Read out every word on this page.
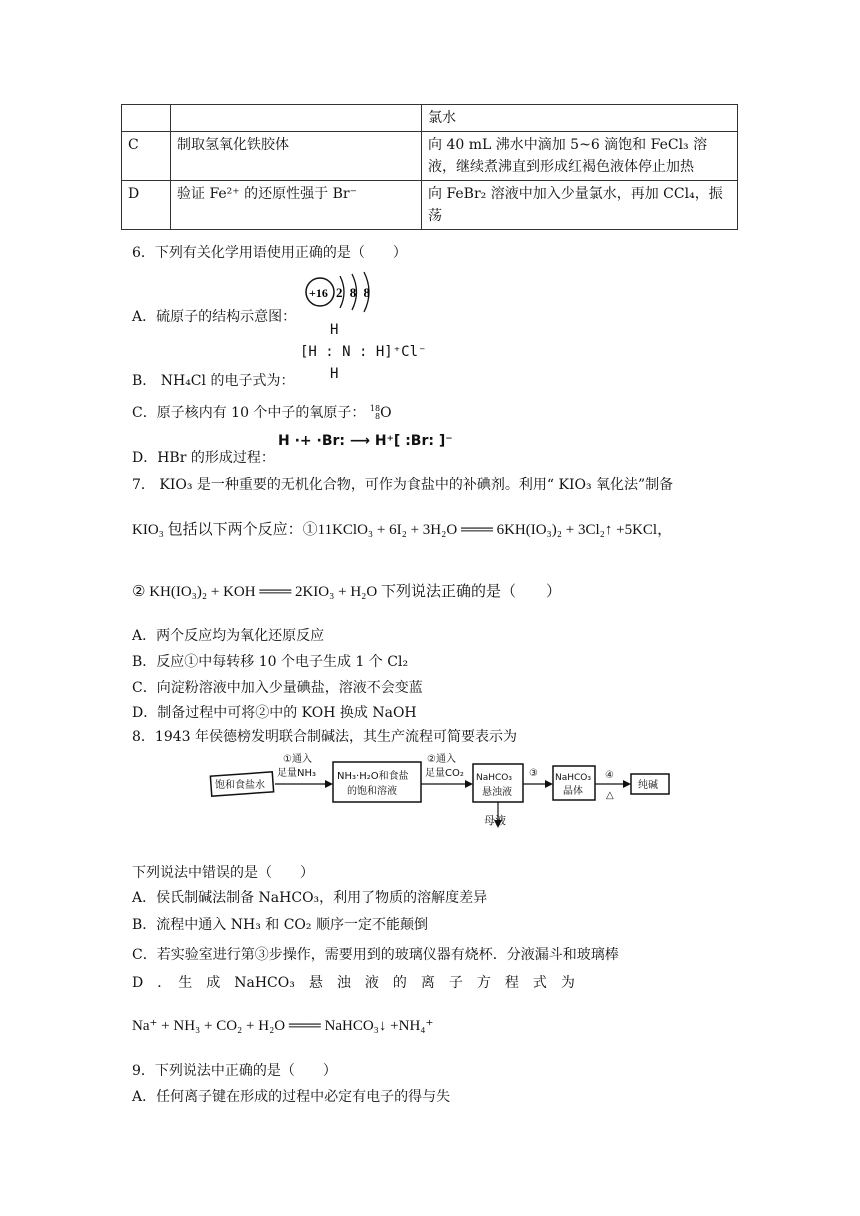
		氯水
C	制取氢氧化铁胶体	向 40 mL 沸水中滴加 5~6 滴饱和 FeCl₃ 溶液，继续煮沸直到形成红褐色液体停止加热
D	验证 Fe²⁺ 的还原性强于 Br⁻	向 FeBr₂ 溶液中加入少量氯水，再加 CCl₄，振荡
6．下列有关化学用语使用正确的是（　　）
A．硫原子的结构示意图：
+16 2 8 8
B． NH₄Cl 的电子式为：
H
[H : N : H]⁺Cl⁻
H
C．原子核内有 10 个中子的氧原子： 18
8O
D．HBr 的形成过程：
H ·+ ·Br: ⟶ H⁺[ :Br: ]⁻
7． KIO₃ 是一种重要的无机化合物，可作为食盐中的补碘剂。利用“ KIO₃ 氧化法”制备
KIO₃ 包括以下两个反应：①11KClO₃ + 6I₂ + 3H₂O ═══ 6KH(IO₃)₂ + 3Cl₂↑ +5KCl，
② KH(IO₃)₂ + KOH ═══ 2KIO₃ + H₂O 下列说法正确的是（　　）
A．两个反应均为氧化还原反应
B．反应①中每转移 10 个电子生成 1 个 Cl₂
C．向淀粉溶液中加入少量碘盐，溶液不会变蓝
D．制备过程中可将②中的 KOH 换成 NaOH
8．1943 年侯德榜发明联合制碱法，其生产流程可简要表示为
饱和食盐水
①通入
足量NH₃ NH₃·H₂O和食盐
的饱和溶液
②通入
足量CO₂ NaHCO₃
悬浊液
③ NaHCO₃
晶体
④
△
纯碱
母液
下列说法中错误的是（　　）
A．侯氏制碱法制备 NaHCO₃，利用了物质的溶解度差异
B．流程中通入 NH₃ 和 CO₂ 顺序一定不能颠倒
C．若实验室进行第③步操作，需要用到的玻璃仪器有烧杯．分液漏斗和玻璃棒
D　．　生　成　NaHCO₃　悬　浊　液　的　离　子　方　程　式　为
Na⁺ + NH₃ + CO₂ + H₂O ═══ NaHCO₃↓ +NH₄⁺
9．下列说法中正确的是（　　）
A．任何离子键在形成的过程中必定有电子的得与失
